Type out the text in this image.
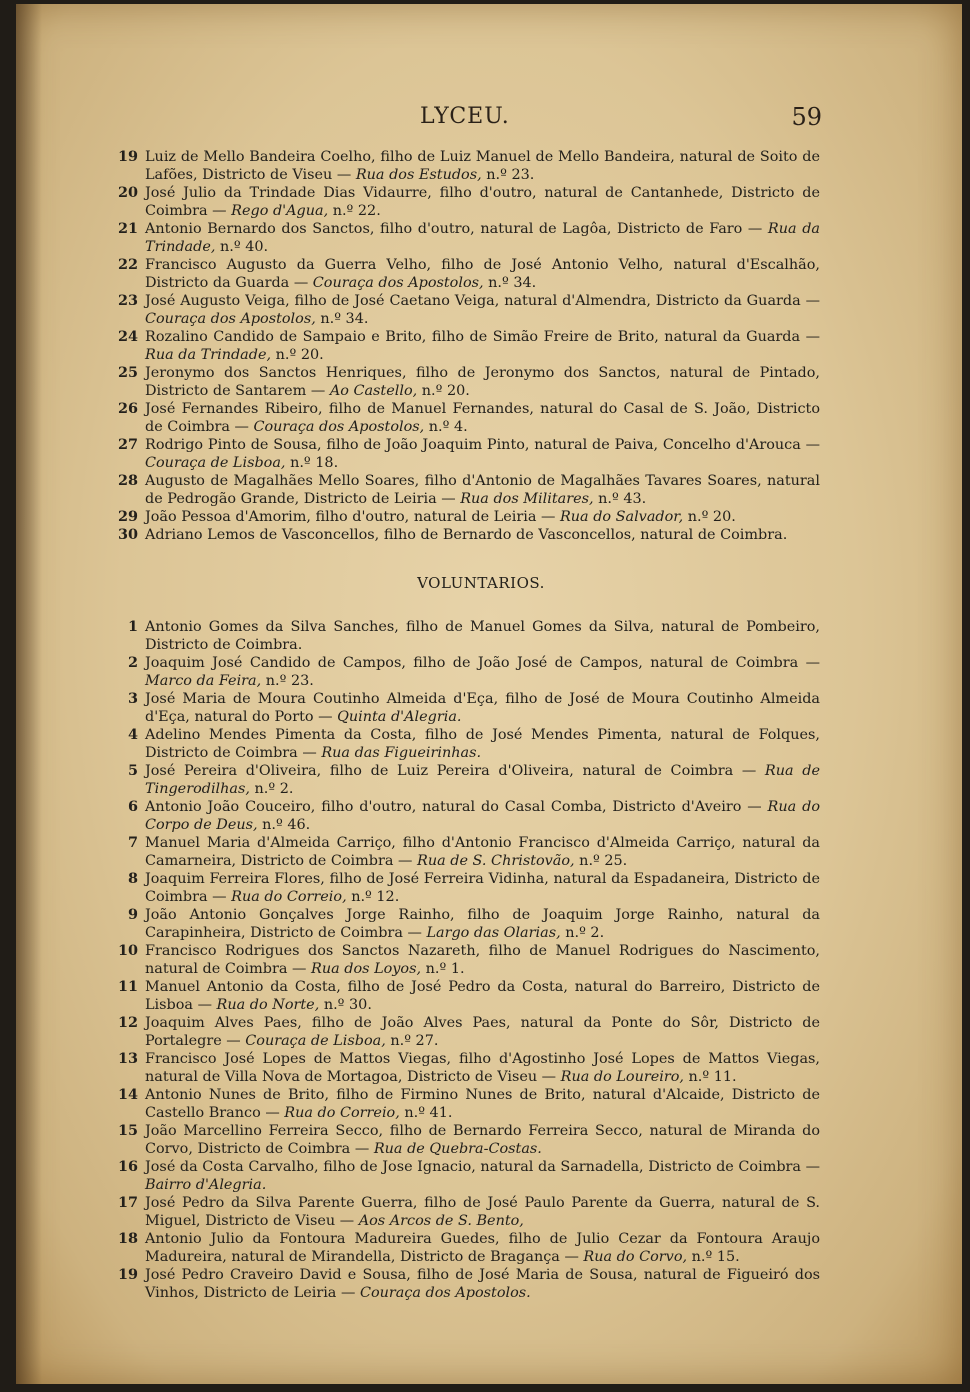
LYCEU.	59
19 Luiz de Mello Bandeira Coelho, filho de Luiz Manuel de Mello Bandeira, natural de Soito de Lafões, Districto de Viseu — Rua dos Estudos, n.º 23.
20 José Julio da Trindade Dias Vidaurre, filho d'outro, natural de Cantanhede, Districto de Coimbra — Rego d'Agua, n.º 22.
21 Antonio Bernardo dos Sanctos, filho d'outro, natural de Lagôa, Districto de Faro — Rua da Trindade, n.º 40.
22 Francisco Augusto da Guerra Velho, filho de José Antonio Velho, natural d'Escalhão, Districto da Guarda — Couraça dos Apostolos, n.º 34.
23 José Augusto Veiga, filho de José Caetano Veiga, natural d'Almendra, Districto da Guarda — Couraça dos Apostolos, n.º 34.
24 Rozalino Candido de Sampaio e Brito, filho de Simão Freire de Brito, natural da Guarda — Rua da Trindade, n.º 20.
25 Jeronymo dos Sanctos Henriques, filho de Jeronymo dos Sanctos, natural de Pintado, Districto de Santarem — Ao Castello, n.º 20.
26 José Fernandes Ribeiro, filho de Manuel Fernandes, natural do Casal de S. João, Districto de Coimbra — Couraça dos Apostolos, n.º 4.
27 Rodrigo Pinto de Sousa, filho de João Joaquim Pinto, natural de Paiva, Concelho d'Arouca — Couraça de Lisboa, n.º 18.
28 Augusto de Magalhães Mello Soares, filho d'Antonio de Magalhães Tavares Soares, natural de Pedrogão Grande, Districto de Leiria — Rua dos Militares, n.º 43.
29 João Pessoa d'Amorim, filho d'outro, natural de Leiria — Rua do Salvador, n.º 20.
30 Adriano Lemos de Vasconcellos, filho de Bernardo de Vasconcellos, natural de Coimbra.
VOLUNTARIOS.
1 Antonio Gomes da Silva Sanches, filho de Manuel Gomes da Silva, natural de Pombeiro, Districto de Coimbra.
2 Joaquim José Candido de Campos, filho de João José de Campos, natural de Coimbra — Marco da Feira, n.º 23.
3 José Maria de Moura Coutinho Almeida d'Eça, filho de José de Moura Coutinho Almeida d'Eça, natural do Porto — Quinta d'Alegria.
4 Adelino Mendes Pimenta da Costa, filho de José Mendes Pimenta, natural de Folques, Districto de Coimbra — Rua das Figueirinhas.
5 José Pereira d'Oliveira, filho de Luiz Pereira d'Oliveira, natural de Coimbra — Rua de Tingerodilhas, n.º 2.
6 Antonio João Couceiro, filho d'outro, natural do Casal Comba, Districto d'Aveiro — Rua do Corpo de Deus, n.º 46.
7 Manuel Maria d'Almeida Carriço, filho d'Antonio Francisco d'Almeida Carriço, natural da Camarneira, Districto de Coimbra — Rua de S. Christovão, n.º 25.
8 Joaquim Ferreira Flores, filho de José Ferreira Vidinha, natural da Espadaneira, Districto de Coimbra — Rua do Correio, n.º 12.
9 João Antonio Gonçalves Jorge Rainho, filho de Joaquim Jorge Rainho, natural da Carapinheira, Districto de Coimbra — Largo das Olarias, n.º 2.
10 Francisco Rodrigues dos Sanctos Nazareth, filho de Manuel Rodrigues do Nascimento, natural de Coimbra — Rua dos Loyos, n.º 1.
11 Manuel Antonio da Costa, filho de José Pedro da Costa, natural do Barreiro, Districto de Lisboa — Rua do Norte, n.º 30.
12 Joaquim Alves Paes, filho de João Alves Paes, natural da Ponte do Sôr, Districto de Portalegre — Couraça de Lisboa, n.º 27.
13 Francisco José Lopes de Mattos Viegas, filho d'Agostinho José Lopes de Mattos Viegas, natural de Villa Nova de Mortagoa, Districto de Viseu — Rua do Loureiro, n.º 11.
14 Antonio Nunes de Brito, filho de Firmino Nunes de Brito, natural d'Alcaide, Districto de Castello Branco — Rua do Correio, n.º 41.
15 João Marcellino Ferreira Secco, filho de Bernardo Ferreira Secco, natural de Miranda do Corvo, Districto de Coimbra — Rua de Quebra-Costas.
16 José da Costa Carvalho, filho de Jose Ignacio, natural da Sarnadella, Districto de Coimbra — Bairro d'Alegria.
17 José Pedro da Silva Parente Guerra, filho de José Paulo Parente da Guerra, natural de S. Miguel, Districto de Viseu — Aos Arcos de S. Bento,
18 Antonio Julio da Fontoura Madureira Guedes, filho de Julio Cezar da Fontoura Araujo Madureira, natural de Mirandella, Districto de Bragança — Rua do Corvo, n.º 15.
19 José Pedro Craveiro David e Sousa, filho de José Maria de Sousa, natural de Figueiró dos Vinhos, Districto de Leiria — Couraça dos Apostolos.
